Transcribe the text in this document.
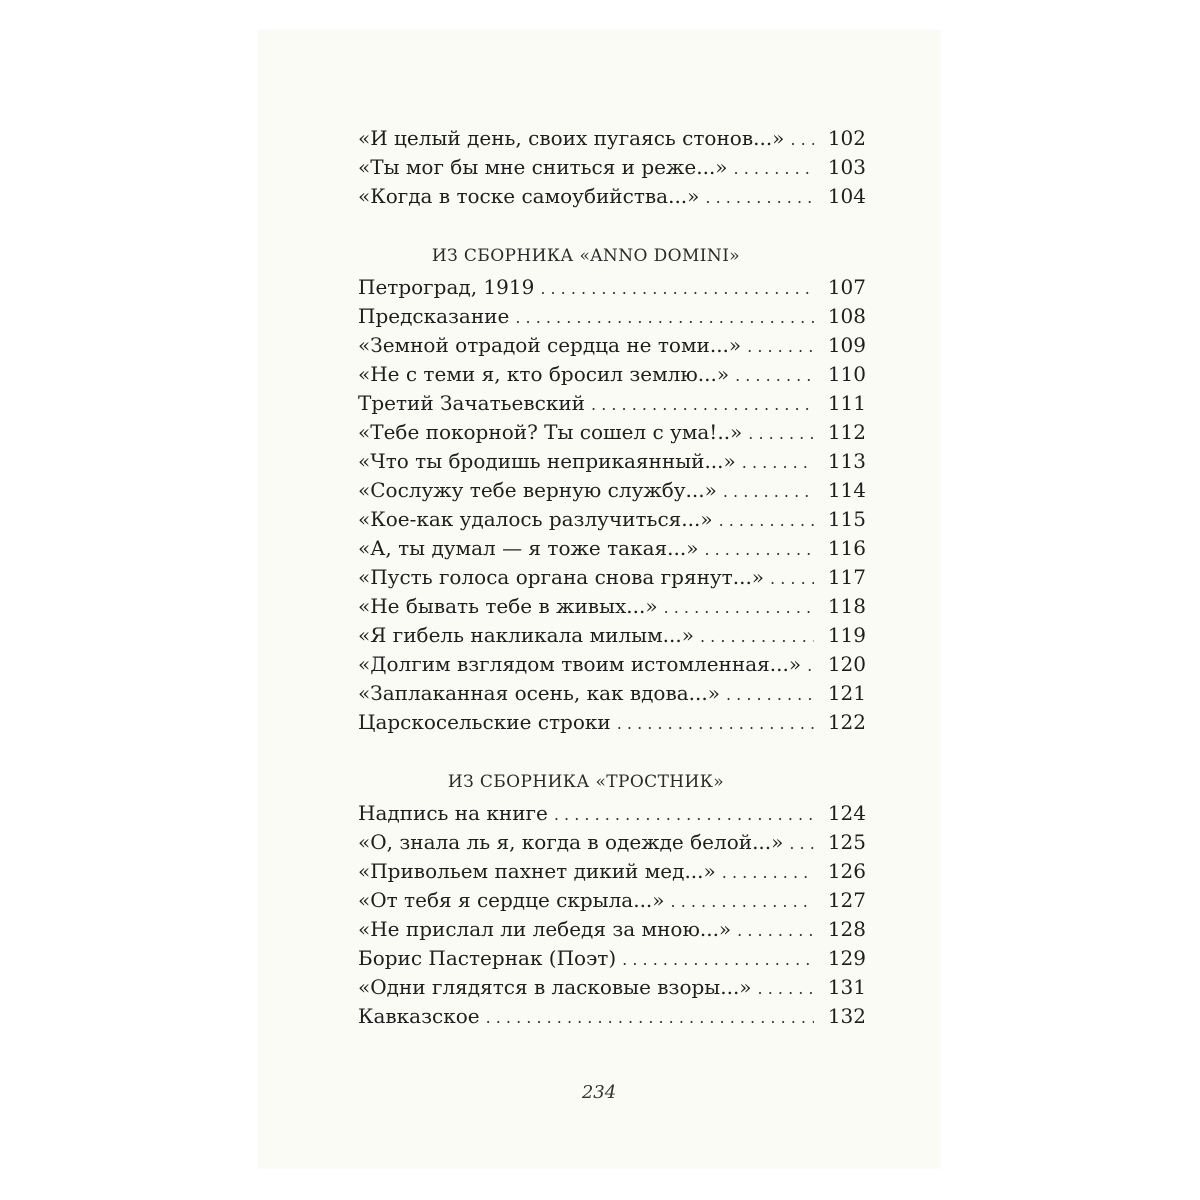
«И целый день, своих пугаясь стонов...» . . .	102
«Ты мог бы мне сниться и реже...» . . .	103
«Когда в тоске самоубийства...» . . .	104
ИЗ СБОРНИКА «ANNO DOMINI»
Петроград, 1919 . . .	107
Предсказание . . .	108
«Земной отрадой сердца не томи...» . . .	109
«Не с теми я, кто бросил землю...» . . .	110
Третий Зачатьевский . . .	111
«Тебе покорной? Ты сошел с ума!..» . . .	112
«Что ты бродишь неприкаянный...» . . .	113
«Сослужу тебе верную службу...» . . .	114
«Кое-как удалось разлучиться...» . . .	115
«А, ты думал — я тоже такая...» . . .	116
«Пусть голоса органа снова грянут...» . . .	117
«Не бывать тебе в живых...» . . .	118
«Я гибель накликала милым...» . . .	119
«Долгим взглядом твоим истомленная...» . . .	120
«Заплаканная осень, как вдова...» . . .	121
Царскосельские строки . . .	122
ИЗ СБОРНИКА «ТРОСТНИК»
Надпись на книге . . .	124
«О, знала ль я, когда в одежде белой...» . . .	125
«Привольем пахнет дикий мед...» . . .	126
«От тебя я сердце скрыла...» . . .	127
«Не прислал ли лебедя за мною...» . . .	128
Борис Пастернак (Поэт) . . .	129
«Одни глядятся в ласковые взоры...» . . .	131
Кавказское . . .	132
234
